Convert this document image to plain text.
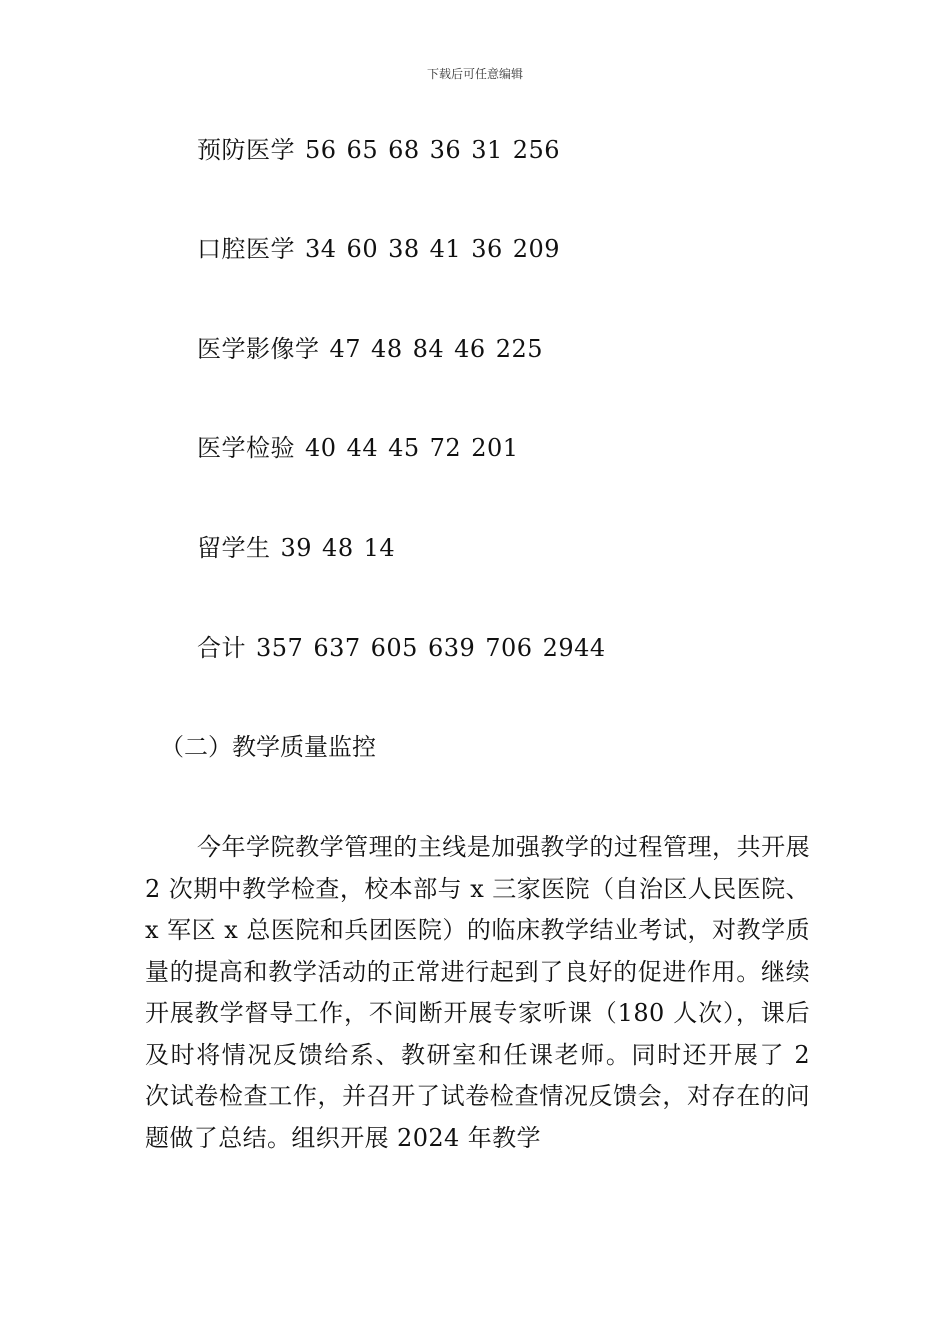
下载后可任意编辑
预防医学 56 65 68 36 31 256
口腔医学 34 60 38 41 36 209
医学影像学 47 48 84 46 225
医学检验 40 44 45 72 201
留学生 39 48 14
合计 357 637 605 639 706 2944
（二）教学质量监控

今年学院教学管理的主线是加强教学的过程管理，共开展 2 次期中教学检查，校本部与 x 三家医院（自治区人民医院、x 军区 x 总医院和兵团医院）的临床教学结业考试，对教学质量的提高和教学活动的正常进行起到了良好的促进作用。继续开展教学督导工作，不间断开展专家听课（180 人次），课后及时将情况反馈给系、教研室和任课老师。同时还开展了 2 次试卷检查工作，并召开了试卷检查情况反馈会，对存在的问题做了总结。组织开展 2024 年教学
